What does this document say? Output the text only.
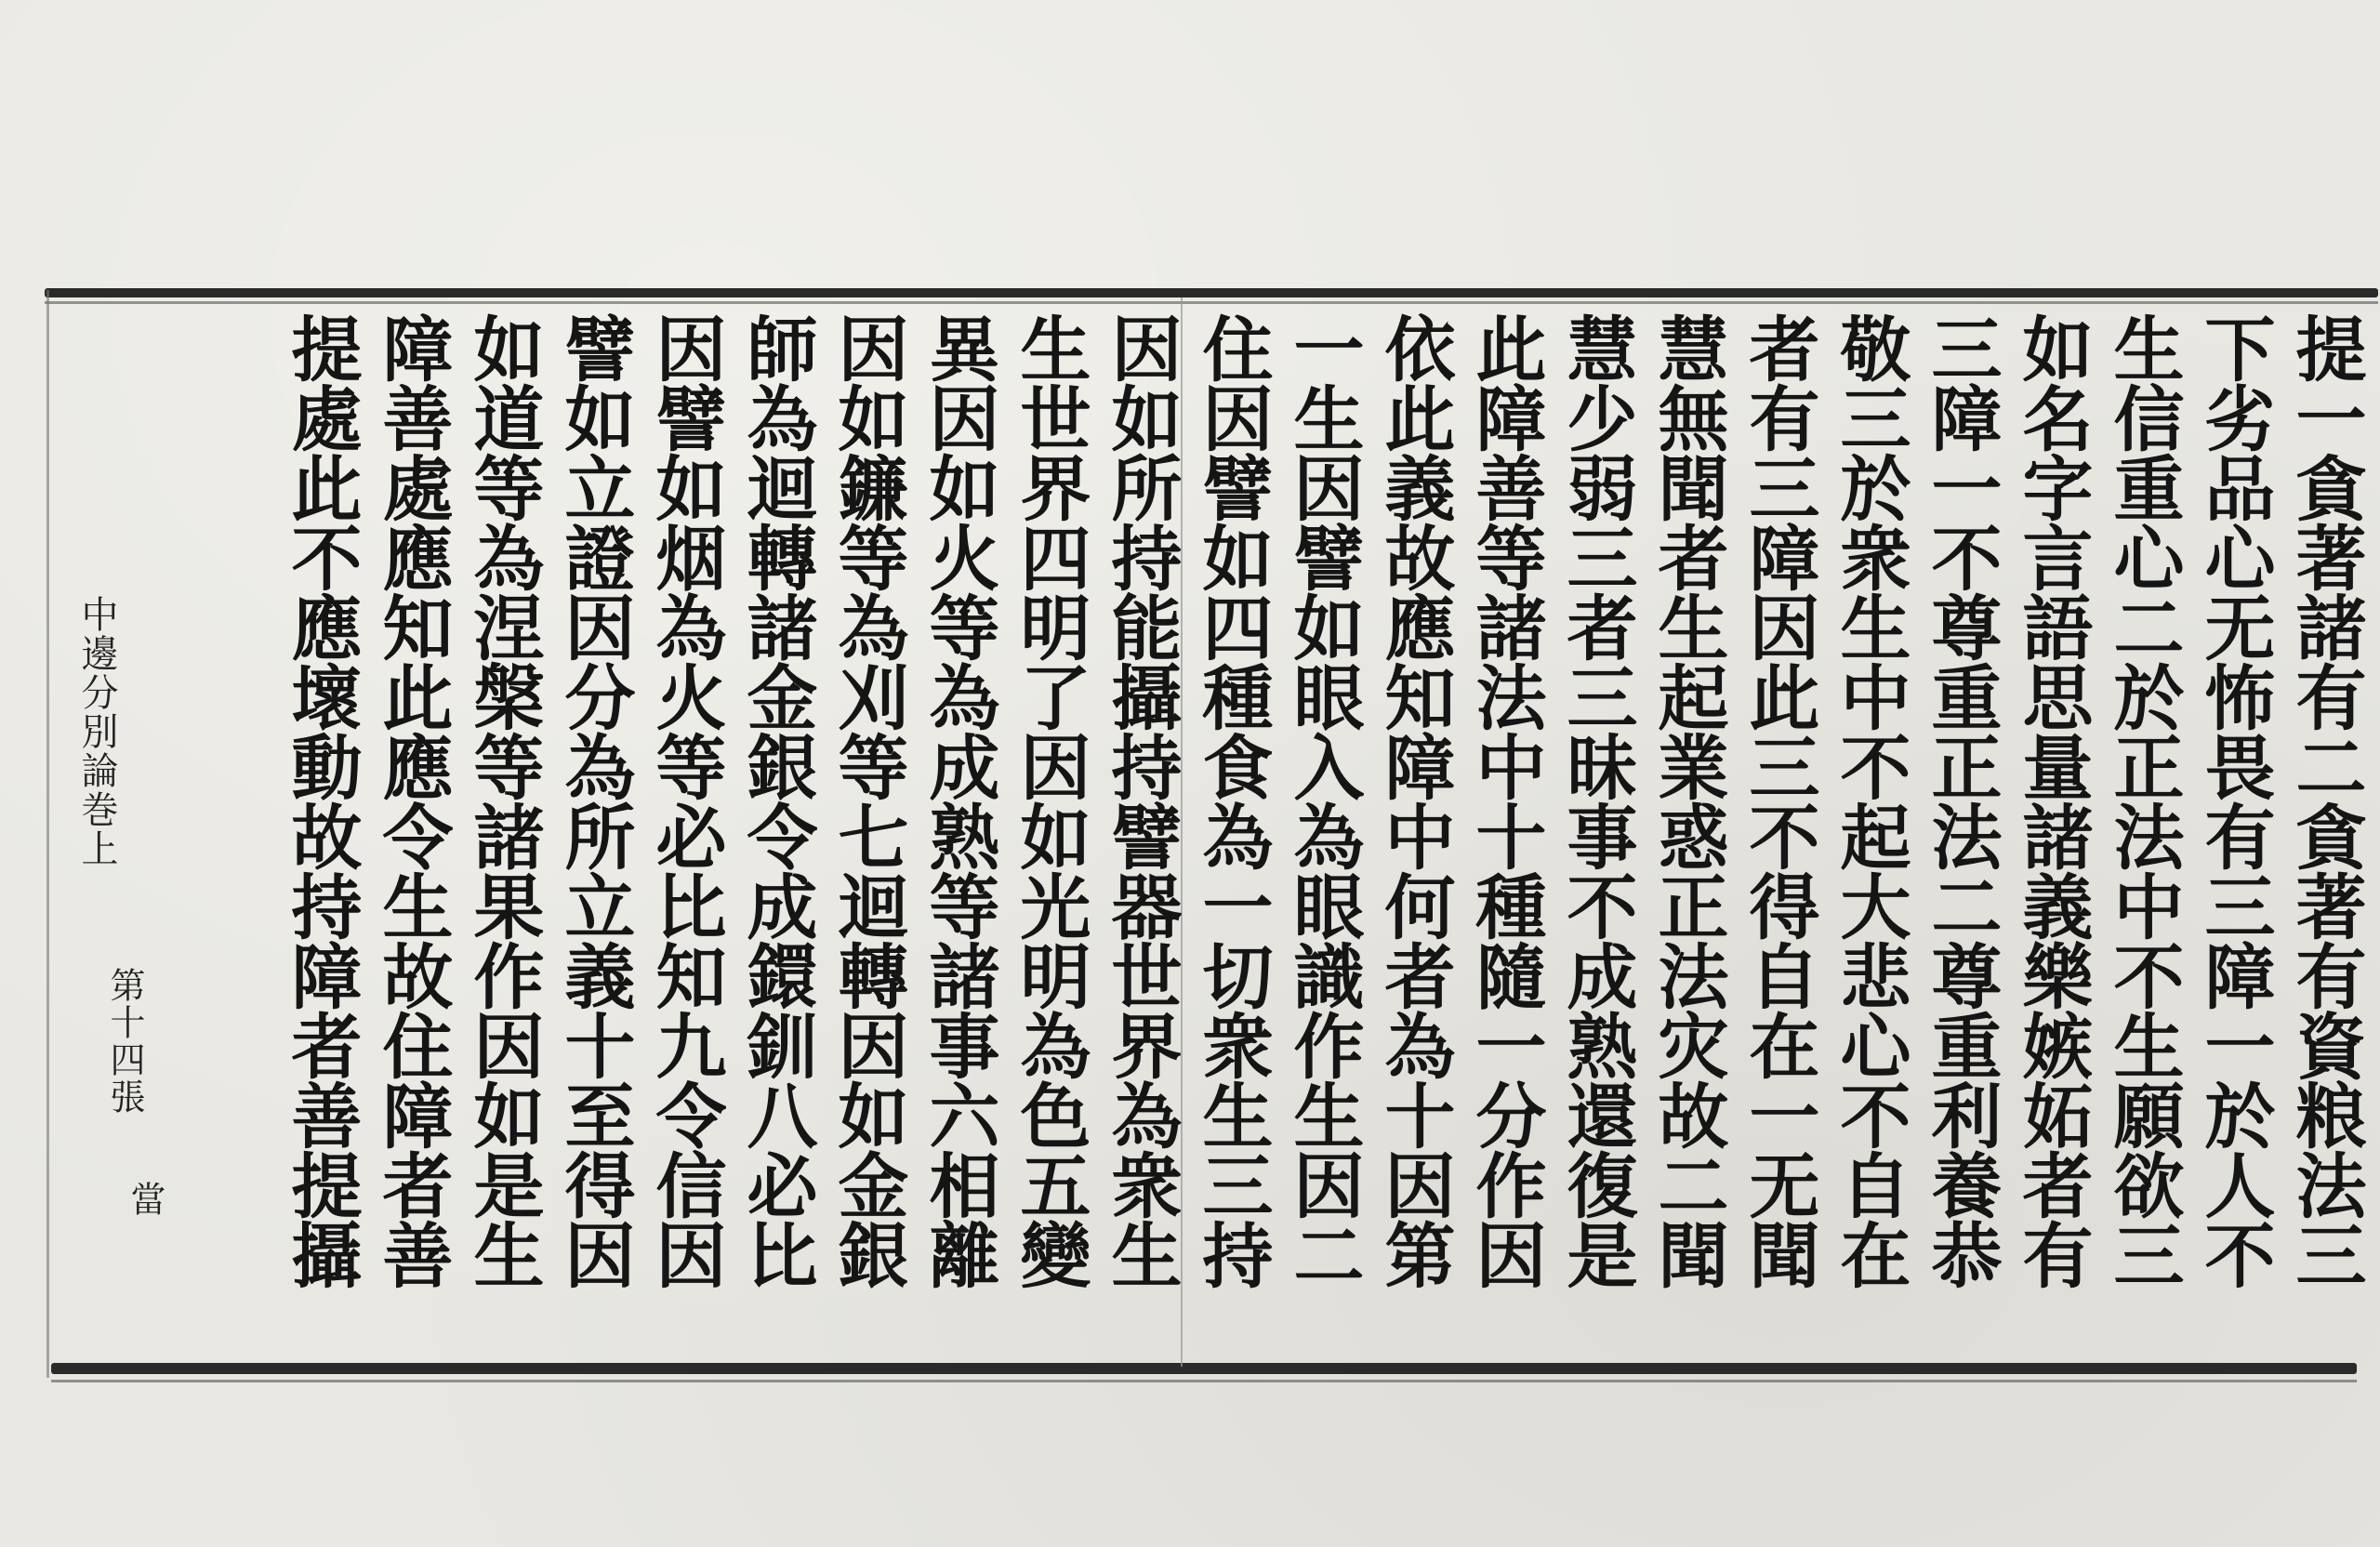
提一貪著諸有二貪著有資粮法三
下劣品心无怖畏有三障一於人不
生信重心二於正法中不生願欲三
如名字言語思量諸義樂嫉妬者有
三障一不尊重正法二尊重利養恭
敬三於衆生中不起大悲心不自在
者有三障因此三不得自在一无聞
慧無聞者生起業惑正法灾故二聞
慧少弱三者三昧事不成熟還復是
此障善等諸法中十種隨一分作因
依此義故應知障中何者為十因第
一生因譬如眼入為眼識作生因二
住因譬如四種食為一切衆生三持
因如所持能攝持譬器世界為衆生
生世界四明了因如光明為色五變
異因如火等為成熟等諸事六相離
因如鐮等為刈等七迴轉因如金銀
師為迴轉諸金銀令成鐶釧八必比
因譬如烟為火等必比知九令信因
譬如立證因分為所立義十至得因
如道等為涅槃等諸果作因如是生
障善處應知此應令生故住障者善
提處此不應壞動故持障者善提攝
中邊分別論巻上
第十四張
當
